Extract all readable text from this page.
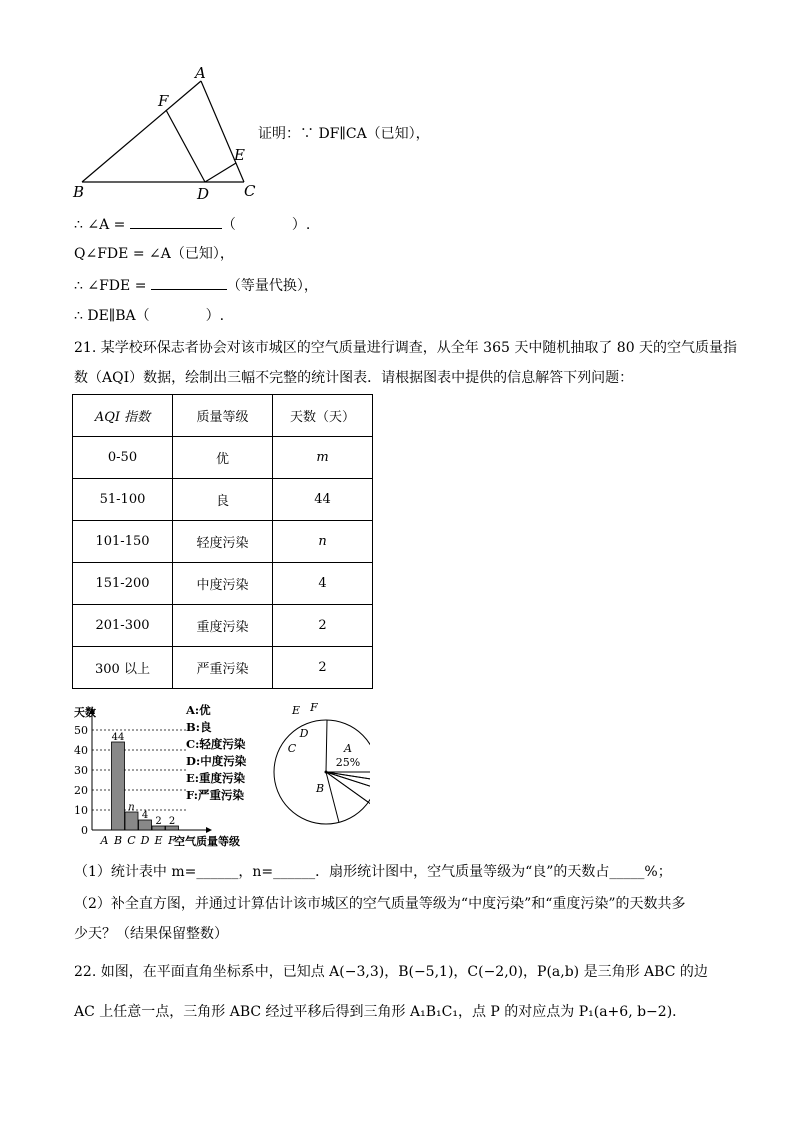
A
F
E
B	D C
证明：∵ DF∥CA（已知），
∴ ∠A =	（　　　　）.
Q∠FDE = ∠A（已知），
∴ ∠FDE =	（等量代换），
∴ DE∥BA（　　　　）.
21. 某学校环保志者协会对该市城区的空气质量进行调查，从全年 365 天中随机抽取了 80 天的空气质量指
数（AQI）数据，绘制出三幅不完整的统计图表．请根据图表中提供的信息解答下列问题：
AQI 指数	质量等级	天数（天）
0-50	优	m
51-100	良	44
101-150	轻度污染	n
151-200	中度污染	4
201-300	重度污染	2
300 以上	严重污染	2
天数
空气质量等级
0
10
20
30
40
50
A B
44
C
n
D
4
E
2
F
2
A:优
B:良
C:轻度污染
D:中度污染
E:重度污染
F:严重污染
A
B
C
D
E F
25%
（1）统计表中 m=______，n=______．扇形统计图中，空气质量等级为“良”的天数占_____%；
（2）补全直方图，并通过计算估计该市城区的空气质量等级为“中度污染”和“重度污染”的天数共多
少天？（结果保留整数）
22. 如图，在平面直角坐标系中，已知点 A(−3,3)，B(−5,1)，C(−2,0)，P(a,b) 是三角形 ABC 的边
AC 上任意一点，三角形 ABC 经过平移后得到三角形 A₁B₁C₁，点 P 的对应点为 P₁(a+6, b−2)．
